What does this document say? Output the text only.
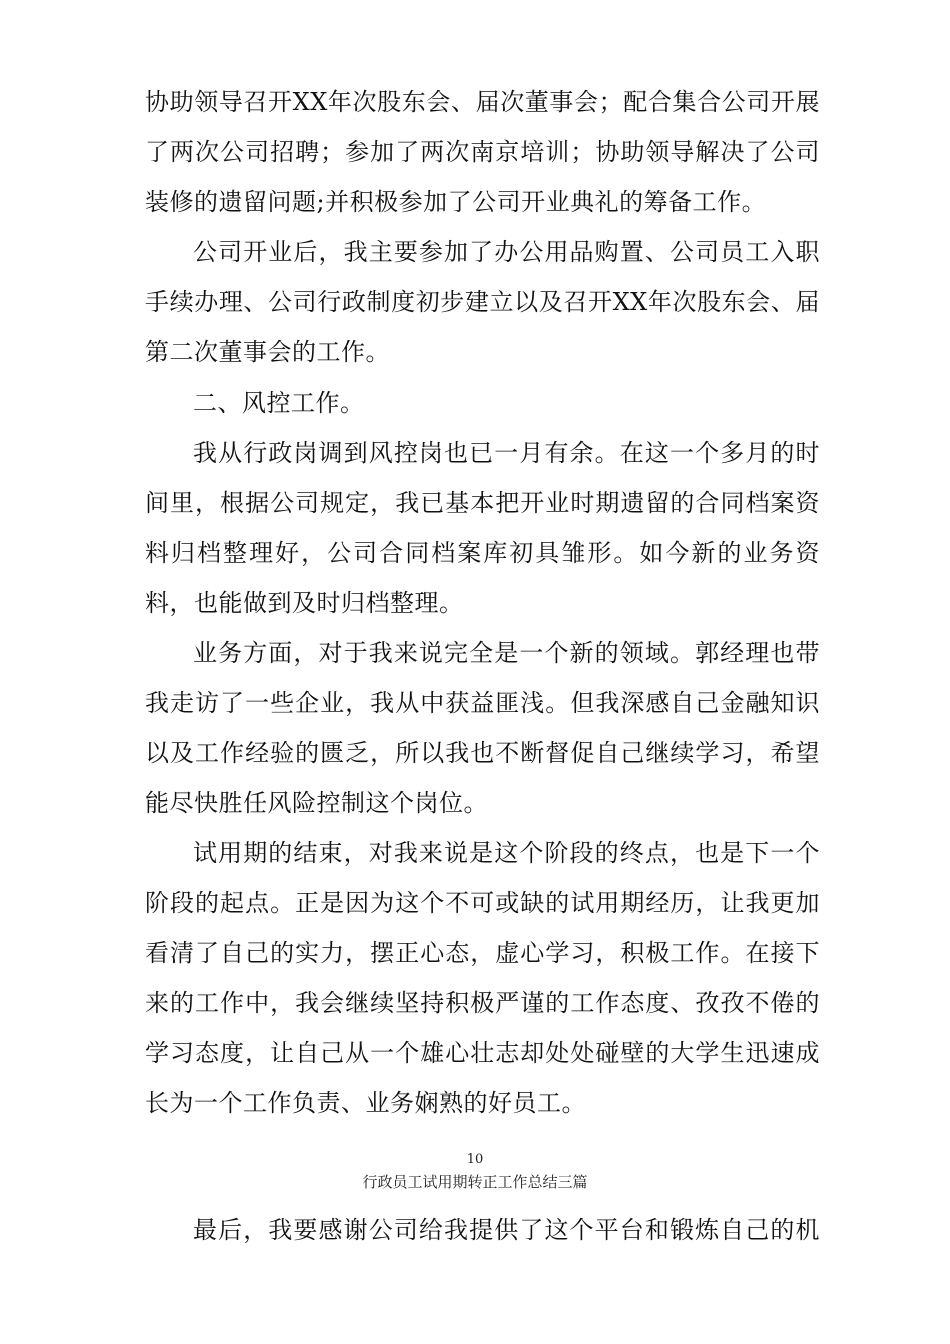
协助领导召开XX年次股东会、届次董事会；配合集合公司开展
了两次公司招聘；参加了两次南京培训；协助领导解决了公司
装修的遗留问题;并积极参加了公司开业典礼的筹备工作。
公司开业后，我主要参加了办公用品购置、公司员工入职
手续办理、公司行政制度初步建立以及召开XX年次股东会、届
第二次董事会的工作。
二、风控工作。
我从行政岗调到风控岗也已一月有余。在这一个多月的时
间里，根据公司规定，我已基本把开业时期遗留的合同档案资
料归档整理好，公司合同档案库初具雏形。如今新的业务资
料，也能做到及时归档整理。
业务方面，对于我来说完全是一个新的领域。郭经理也带
我走访了一些企业，我从中获益匪浅。但我深感自己金融知识
以及工作经验的匮乏，所以我也不断督促自己继续学习，希望
能尽快胜任风险控制这个岗位。
试用期的结束，对我来说是这个阶段的终点，也是下一个
阶段的起点。正是因为这个不可或缺的试用期经历，让我更加
看清了自己的实力，摆正心态，虚心学习，积极工作。在接下
来的工作中，我会继续坚持积极严谨的工作态度、孜孜不倦的
学习态度，让自己从一个雄心壮志却处处碰壁的大学生迅速成
长为一个工作负责、业务娴熟的好员工。
10
行政员工试用期转正工作总结三篇
最后，我要感谢公司给我提供了这个平台和锻炼自己的机
